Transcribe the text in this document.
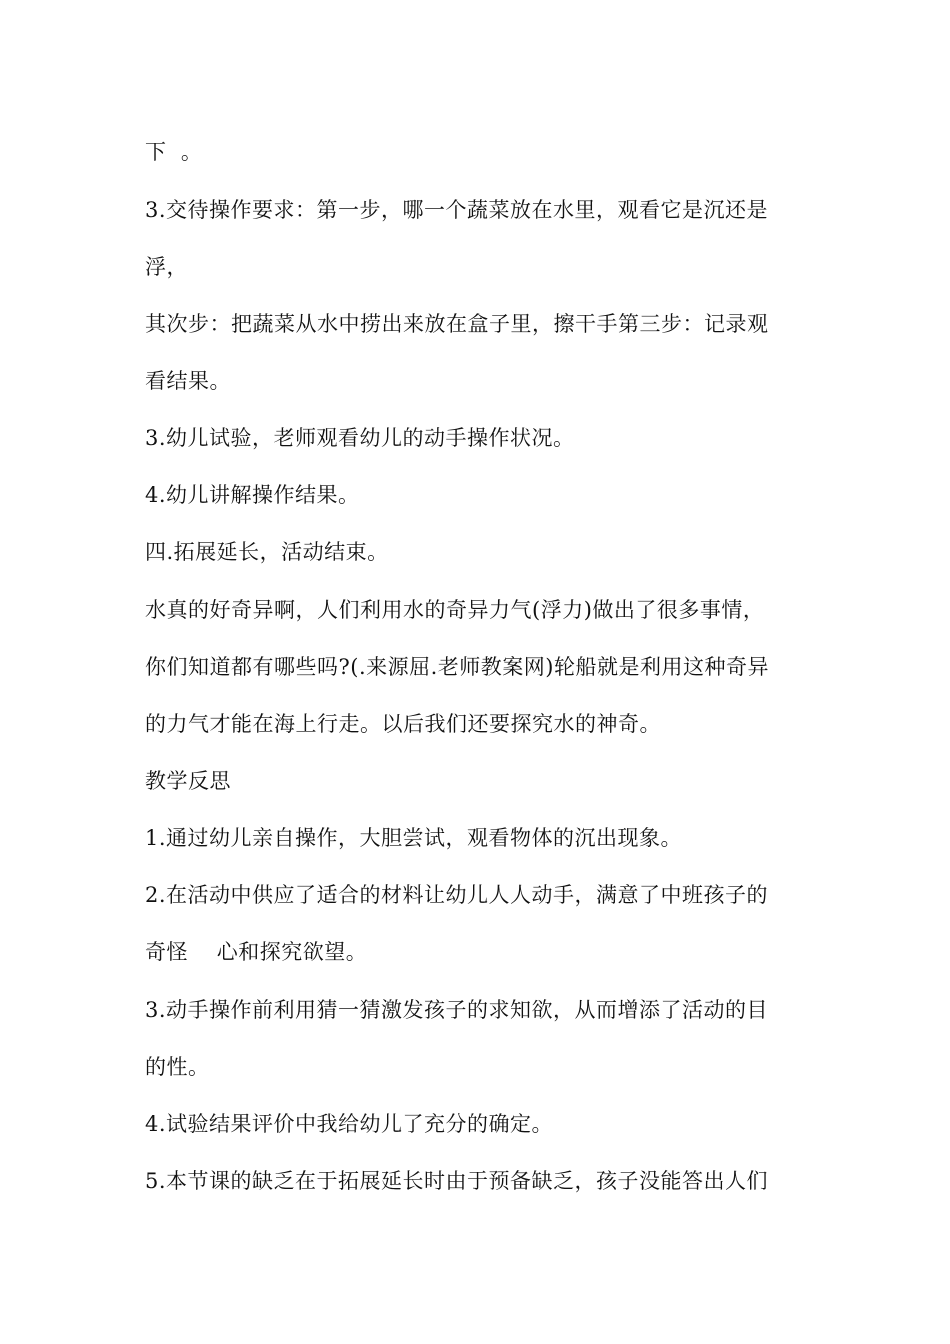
下  。

3.交待操作要求：第一步，哪一个蔬菜放在水里，观看它是沉还是

浮，

其次步：把蔬菜从水中捞出来放在盒子里，擦干手第三步：记录观

看结果。

3.幼儿试验，老师观看幼儿的动手操作状况。

4.幼儿讲解操作结果。

四.拓展延长，活动结束。

水真的好奇异啊，人们利用水的奇异力气(浮力)做出了很多事情，

你们知道都有哪些吗?(.来源屈.老师教案网)轮船就是利用这种奇异

的力气才能在海上行走。以后我们还要探究水的神奇。

教学反思

1.通过幼儿亲自操作，大胆尝试，观看物体的沉出现象。

2.在活动中供应了适合的材料让幼儿人人动手，满意了中班孩子的

奇怪    心和探究欲望。

3.动手操作前利用猜一猜激发孩子的求知欲，从而增添了活动的目

的性。

4.试验结果评价中我给幼儿了充分的确定。

5.本节课的缺乏在于拓展延长时由于预备缺乏，孩子没能答出人们
